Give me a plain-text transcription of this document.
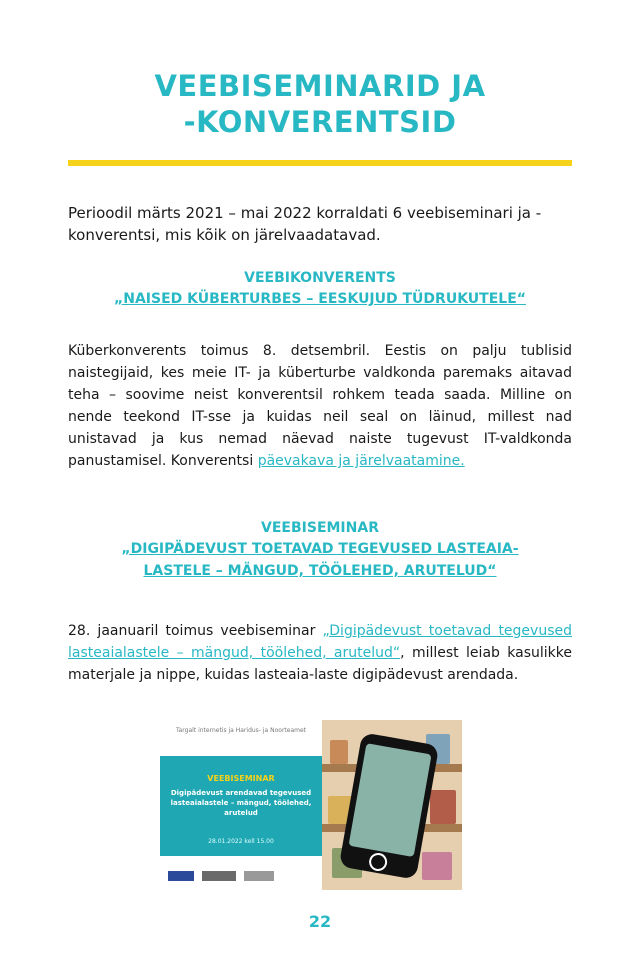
VEEBISEMINARID JA
-KONVERENTSID
Perioodil märts 2021 – mai 2022 korraldati 6 veebiseminari ja -konverentsi, mis kõik on järelvaadatavad.
VEEBIKONVERENTS
„NAISED KÜBERTURBES – EESKUJUD TÜDRUKUTELE“
Küberkonverents toimus 8. detsembril. Eestis on palju tublisid naistegijaid, kes meie IT- ja küberturbe valdkonda paremaks aitavad teha – soovime neist konverentsil rohkem teada saada. Milline on nende teekond IT-sse ja kuidas neil seal on läinud, millest nad unistavad ja kus nemad näevad naiste tugevust IT-valdkonda panustamisel. Konverentsi päevakava ja järelvaatamine.
VEEBISEMINAR
„DIGIPÄDEVUST TOETAVAD TEGEVUSED LASTEAIA-
LASTELE – MÄNGUD, TÖÖLEHED, ARUTELUD“
28. jaanuaril toimus veebiseminar „Digipädevust toetavad tegevused lasteaialastele – mängud, töölehed, arutelud“, millest leiab kasulikke materjale ja nippe, kuidas lasteaia-laste digipädevust arendada.
Targalt internetis ja Haridus- ja Noorteamet
VEEBISEMINAR
Digipädevust arendavad tegevused lasteaialastele – mängud, töölehed, arutelud
28.01.2022 kell 15.00
22
